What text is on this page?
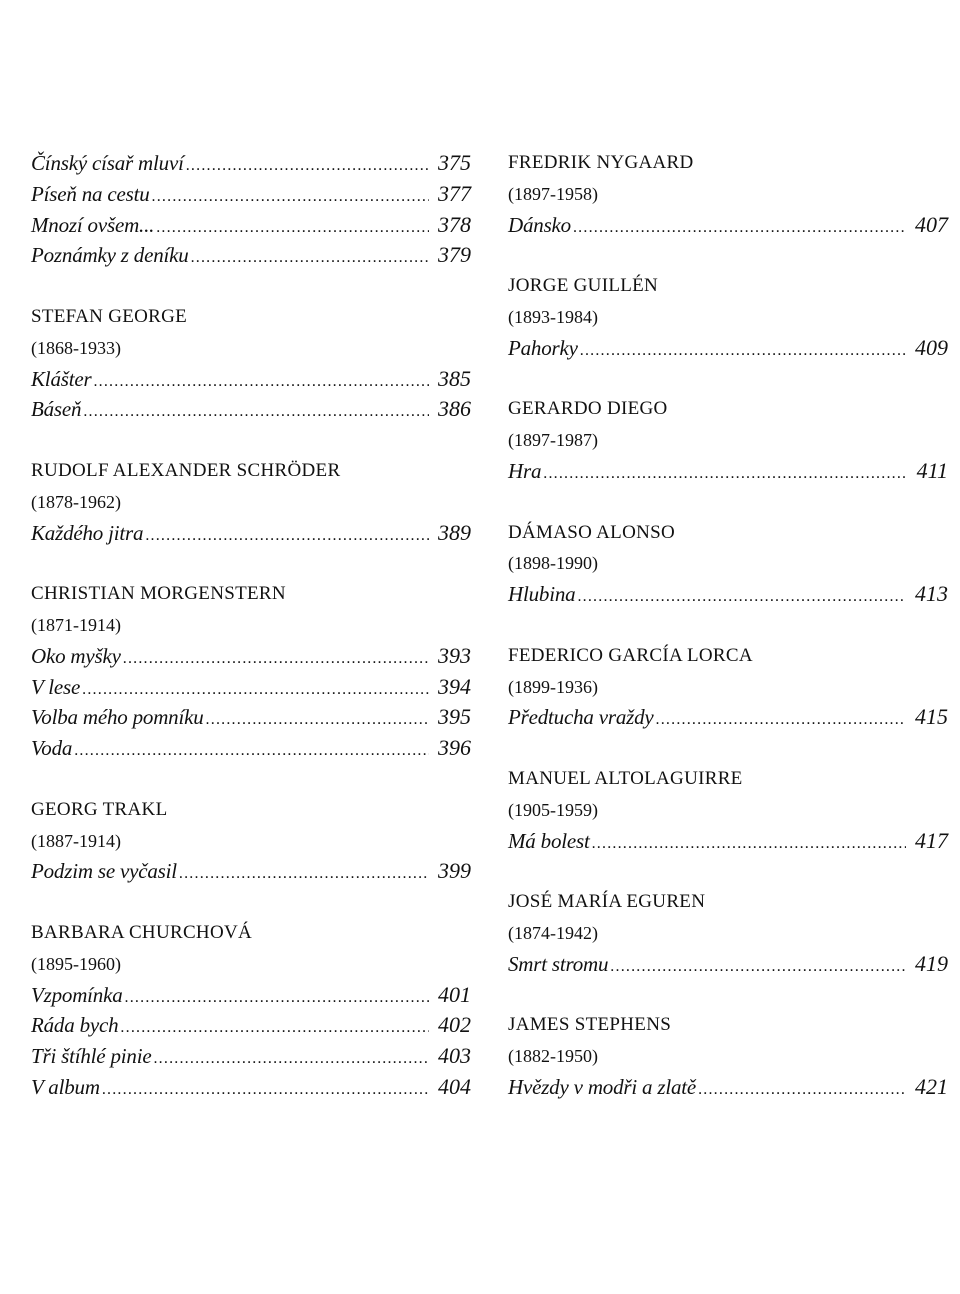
Čínský císař mluví . . .	375
Píseň na cestu . . .	377
Mnozí ovšem... . . .	378
Poznámky z deníku . . .	379
STEFAN GEORGE
(1868-1933)
Klášter . . .	385
Báseň . . .	386
RUDOLF ALEXANDER SCHRÖDER
(1878-1962)
Každého jitra . . .	389
CHRISTIAN MORGENSTERN
(1871-1914)
Oko myšky . . .	393
V lese . . .	394
Volba mého pomníku . . .	395
Voda . . .	396
GEORG TRAKL
(1887-1914)
Podzim se vyčasil . . .	399
BARBARA CHURCHOVÁ
(1895-1960)
Vzpomínka . . .	401
Ráda bych . . .	402
Tři štíhlé pinie . . .	403
V album . . .	404
FREDRIK NYGAARD
(1897-1958)
Dánsko . . .	407
JORGE GUILLÉN
(1893-1984)
Pahorky . . .	409
GERARDO DIEGO
(1897-1987)
Hra . . .	411
DÁMASO ALONSO
(1898-1990)
Hlubina . . .	413
FEDERICO GARCÍA LORCA
(1899-1936)
Předtucha vraždy . . .	415
MANUEL ALTOLAGUIRRE
(1905-1959)
Má bolest . . .	417
JOSÉ MARÍA EGUREN
(1874-1942)
Smrt stromu . . .	419
JAMES STEPHENS
(1882-1950)
Hvězdy v modři a zlatě . . .	421
